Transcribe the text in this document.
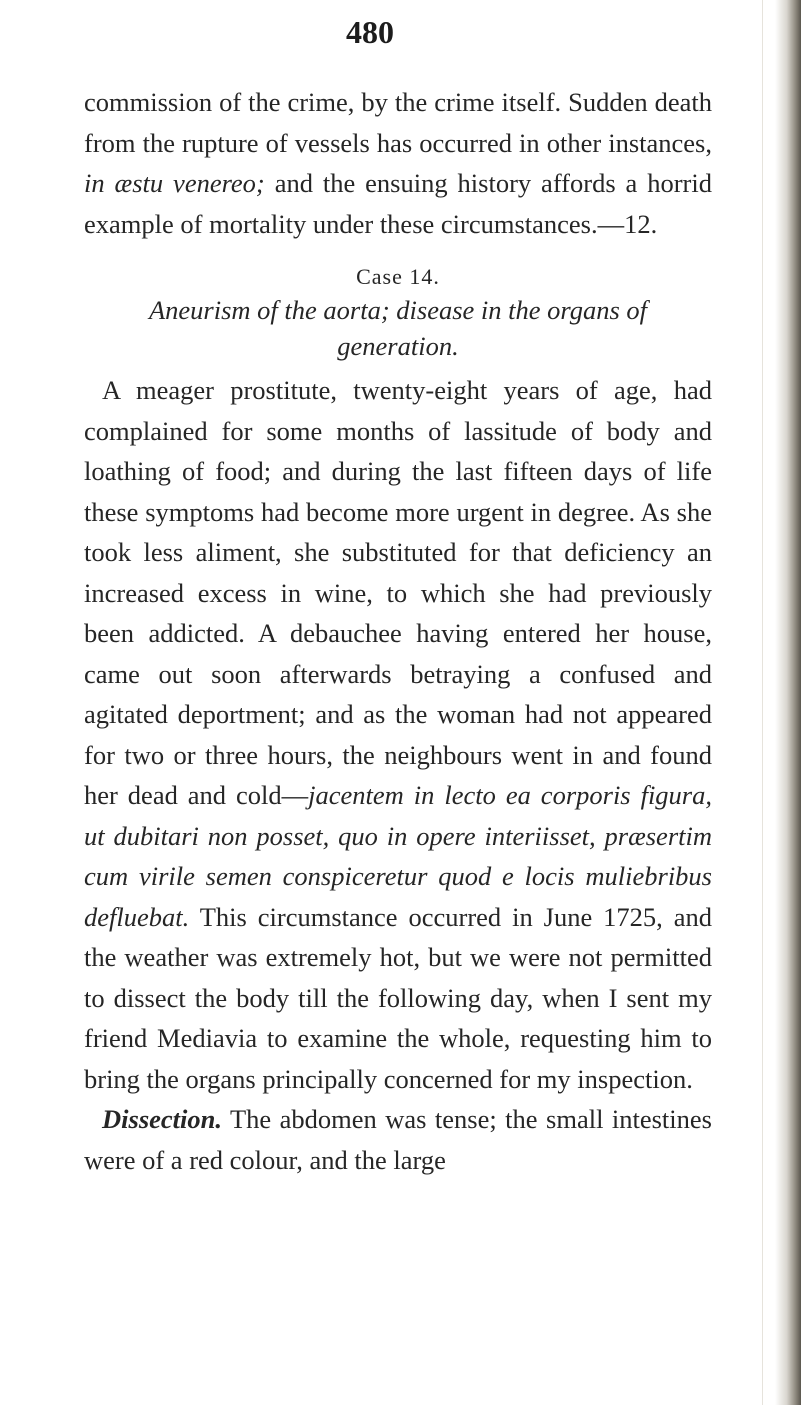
480

commission of the crime, by the crime itself. Sudden death from the rupture of vessels has occurred in other instances, in æstu venereo; and the ensuing history affords a horrid example of mortality under these circumstances.—12.

Case 14.

Aneurism of the aorta; disease in the organs of
generation.

A meager prostitute, twenty-eight years of age, had complained for some months of lassitude of body and loathing of food; and during the last fifteen days of life these symptoms had become more urgent in degree. As she took less aliment, she substituted for that deficiency an increased excess in wine, to which she had previously been addicted. A debauchee having entered her house, came out soon afterwards betraying a confused and agitated deportment; and as the woman had not appeared for two or three hours, the neighbours went in and found her dead and cold—jacentem in lecto ea corporis figura, ut dubitari non posset, quo in opere interiisset, præsertim cum virile semen conspiceretur quod e locis muliebribus defluebat. This circumstance occurred in June 1725, and the weather was extremely hot, but we were not permitted to dissect the body till the following day, when I sent my friend Mediavia to examine the whole, requesting him to bring the organs principally concerned for my inspection.

Dissection. The abdomen was tense; the small intestines were of a red colour, and the large
